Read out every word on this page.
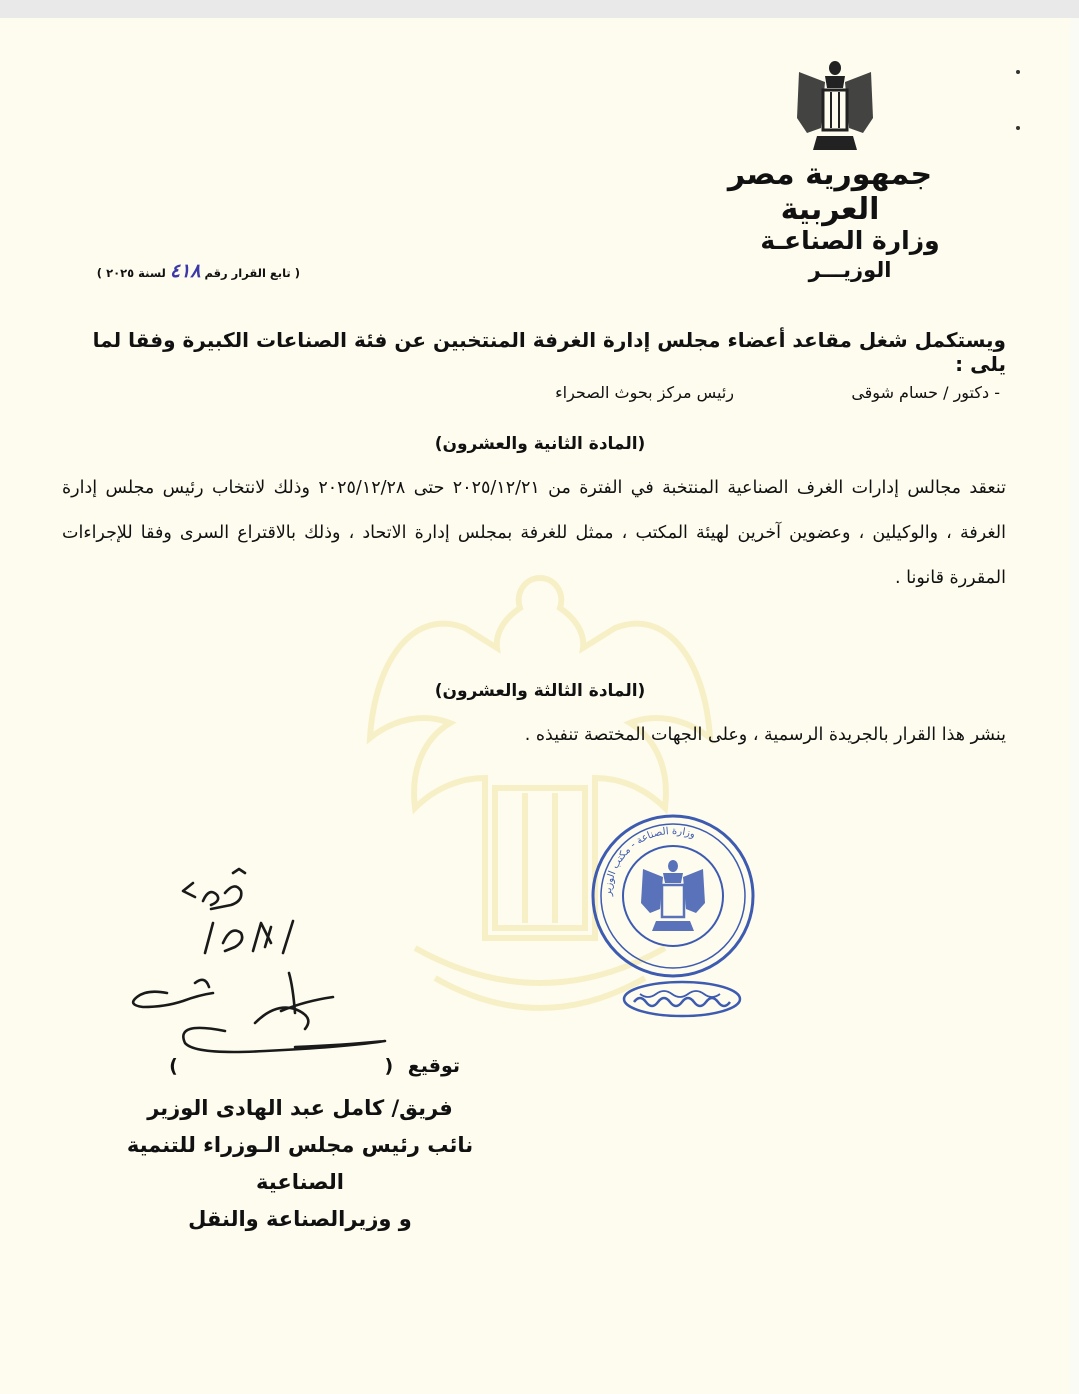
جمهورية مصر العربية
وزارة الصناعـة
الوزيـــر
( تابع القرار رقم ٤١٨ لسنة ٢٠٢٥ )
ويستكمل شغل مقاعد أعضاء مجلس إدارة الغرفة المنتخبين عن فئة الصناعات الكبيرة وفقا لما يلى :
- دكتور / حسام شوقى رئيس مركز بحوث الصحراء
(المادة الثانية والعشرون)
تنعقد مجالس إدارات الغرف الصناعية المنتخبة في الفترة من ٢٠٢٥/١٢/٢١ حتى ٢٠٢٥/١٢/٢٨ وذلك لانتخاب رئيس مجلس إدارة الغرفة ، والوكيلين ، وعضوين آخرين لهيئة المكتب ، ممثل للغرفة بمجلس إدارة الاتحاد ، وذلك بالاقتراع السرى وفقا للإجراءات المقررة قانونا .
(المادة الثالثة والعشرون)
ينشر هذا القرار بالجريدة الرسمية ، وعلى الجهات المختصة تنفيذه .
وزارة الصناعة - مكتب الوزير
توقيع ( )
فريق/ كامل عبد الهادى الوزير
نائب رئيس مجلس الـوزراء للتنمية الصناعية
و وزيرالصناعة والنقل
